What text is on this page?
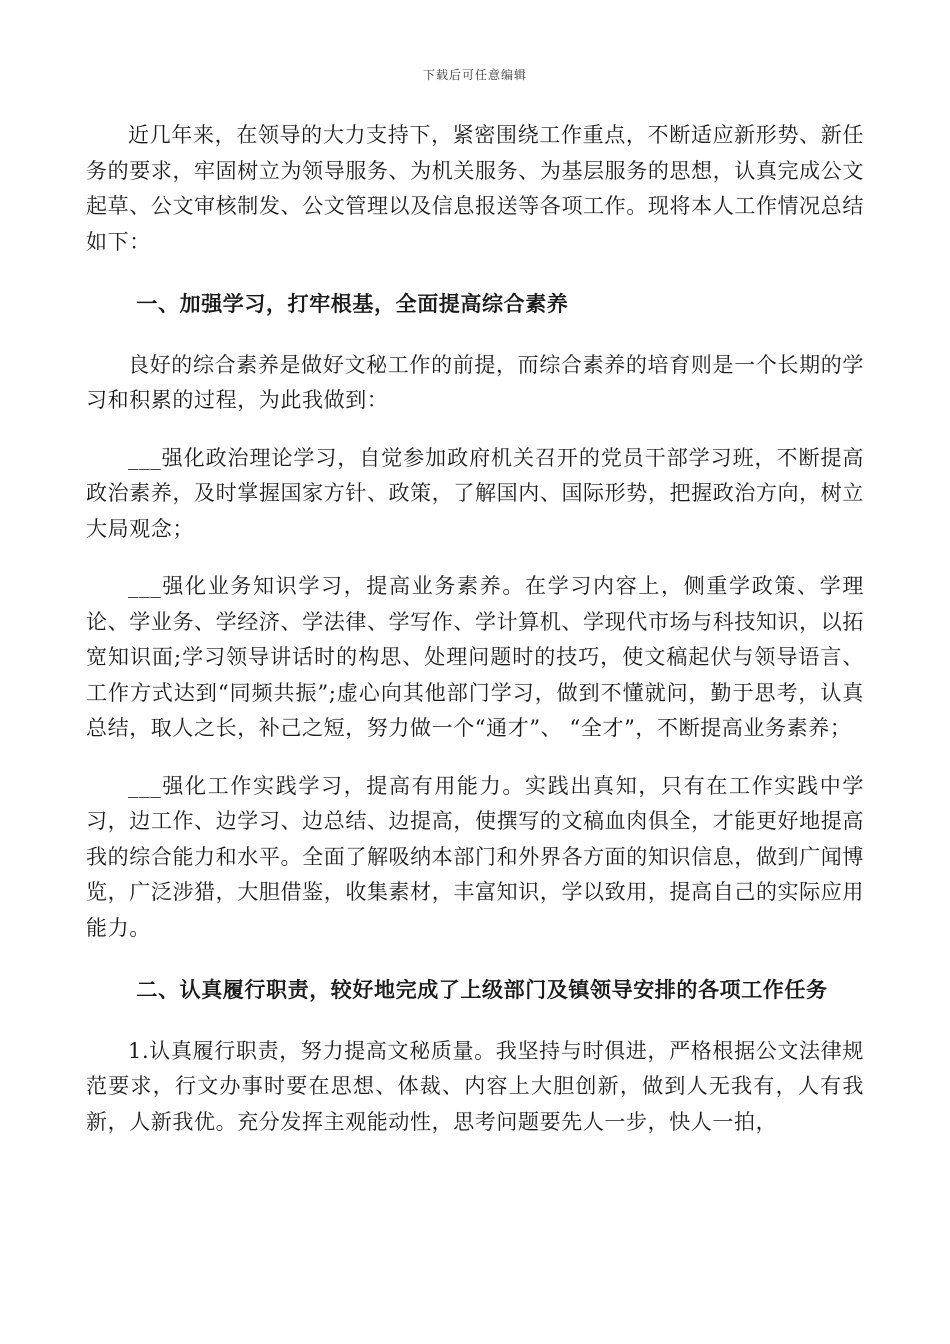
下载后可任意编辑

近几年来，在领导的大力支持下，紧密围绕工作重点，不断适应新形势、新任务的要求，牢固树立为领导服务、为机关服务、为基层服务的思想，认真完成公文起草、公文审核制发、公文管理以及信息报送等各项工作。现将本人工作情况总结如下：

一、加强学习，打牢根基，全面提高综合素养

良好的综合素养是做好文秘工作的前提，而综合素养的培育则是一个长期的学习和积累的过程，为此我做到：

___强化政治理论学习，自觉参加政府机关召开的党员干部学习班，不断提高政治素养，及时掌握国家方针、政策，了解国内、国际形势，把握政治方向，树立大局观念；

___强化业务知识学习，提高业务素养。在学习内容上，侧重学政策、学理论、学业务、学经济、学法律、学写作、学计算机、学现代市场与科技知识，以拓宽知识面;学习领导讲话时的构思、处理问题时的技巧，使文稿起伏与领导语言、工作方式达到“同频共振”;虚心向其他部门学习，做到不懂就问，勤于思考，认真总结，取人之长，补己之短，努力做一个“通才”、 “全才”，不断提高业务素养；

___强化工作实践学习，提高有用能力。实践出真知，只有在工作实践中学习，边工作、边学习、边总结、边提高，使撰写的文稿血肉俱全，才能更好地提高我的综合能力和水平。全面了解吸纳本部门和外界各方面的知识信息，做到广闻博览，广泛涉猎，大胆借鉴，收集素材，丰富知识，学以致用，提高自己的实际应用能力。

二、认真履行职责，较好地完成了上级部门及镇领导安排的各项工作任务

1.认真履行职责，努力提高文秘质量。我坚持与时俱进，严格根据公文法律规范要求，行文办事时要在思想、体裁、内容上大胆创新，做到人无我有，人有我新，人新我优。充分发挥主观能动性，思考问题要先人一步，快人一拍，
